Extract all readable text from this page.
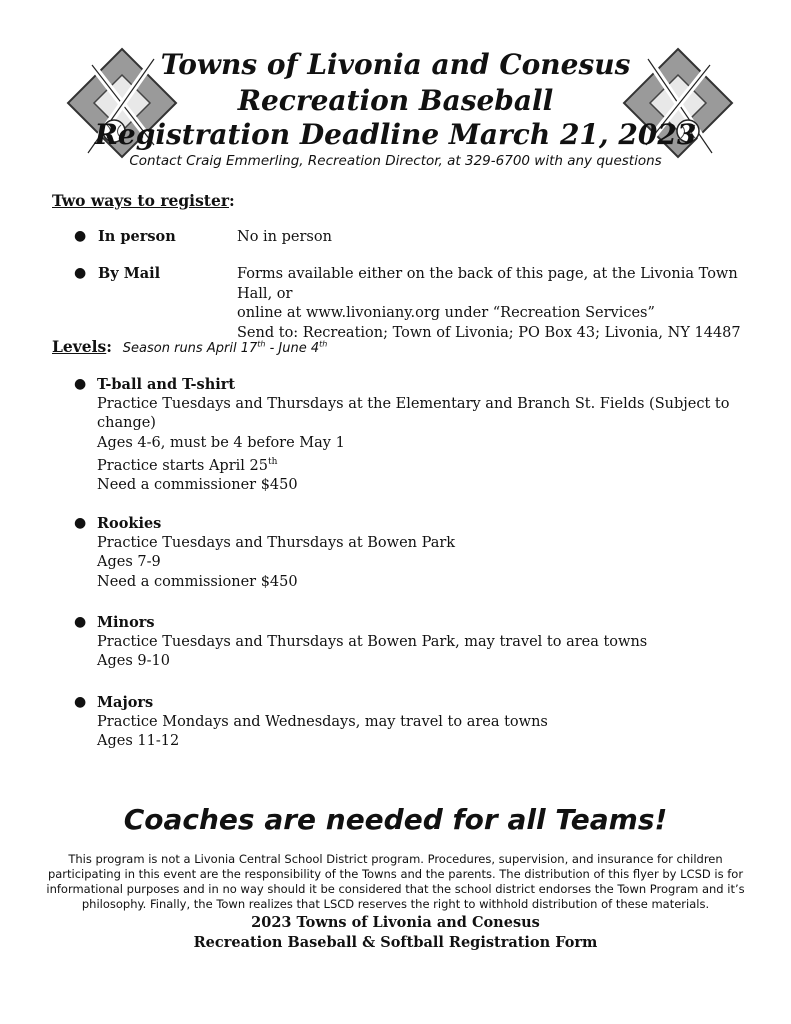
Towns of Livonia and Conesus
Recreation Baseball
Registration Deadline March 21, 2023
Contact Craig Emmerling, Recreation Director, at 329-6700 with any questions
Two ways to register:
● In person	No in person
● By Mail	Forms available either on the back of this page, at the Livonia Town Hall, or
online at www.livoniany.org under “Recreation Services”
Send to: Recreation; Town of Livonia; PO Box 43; Livonia, NY 14487
Levels: Season runs April 17th - June 4th
● T-ball and T-shirt
Practice Tuesdays and Thursdays at the Elementary and Branch St. Fields (Subject to
change)
Ages 4-6, must be 4 before May 1
Practice starts April 25th
Need a commissioner $450
● Rookies
Practice Tuesdays and Thursdays at Bowen Park
Ages 7-9
Need a commissioner $450
● Minors
Practice Tuesdays and Thursdays at Bowen Park, may travel to area towns
Ages 9-10
● Majors
Practice Mondays and Wednesdays, may travel to area towns
Ages 11-12
Coaches are needed for all Teams!
This program is not a Livonia Central School District program. Procedures, supervision, and insurance for children participating in this event are the responsibility of the Towns and the parents. The distribution of this flyer by LCSD is for informational purposes and in no way should it be considered that the school district endorses the Town Program and it’s philosophy. Finally, the Town realizes that LSCD reserves the right to withhold distribution of these materials.
2023 Towns of Livonia and Conesus
Recreation Baseball & Softball Registration Form
